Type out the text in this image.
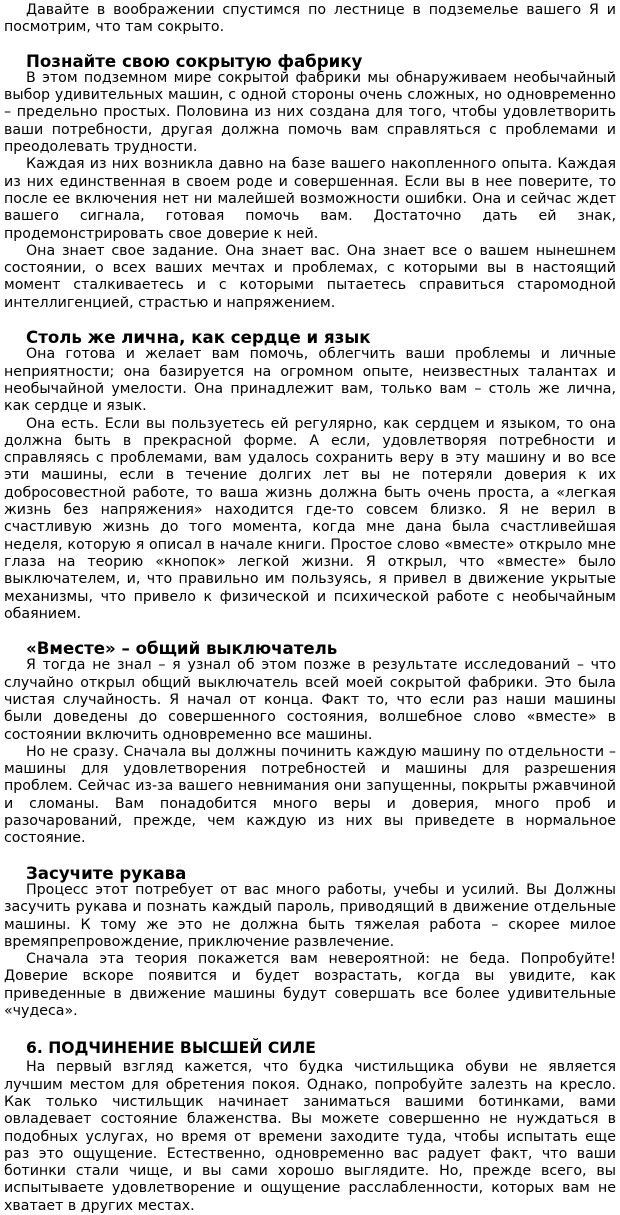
Давайте в воображении спустимся по лестнице в подземелье вашего Я и посмотрим, что там сокрыто.

Познайте свою сокрытую фабрику

В этом подземном мире сокрытой фабрики мы обнаруживаем необычайный выбор удивительных машин, с одной стороны очень сложных, но одновременно – предельно простых. Половина из них создана для того, чтобы удовлетворить ваши потребности, другая должна помочь вам справляться с проблемами и преодолевать трудности.

Каждая из них возникла давно на базе вашего накопленного опыта. Каждая из них единственная в своем роде и совершенная. Если вы в нее поверите, то после ее включения нет ни малейшей возможности ошибки. Она и сейчас ждет вашего сигнала, готовая помочь вам. Достаточно дать ей знак, продемонстрировать свое доверие к ней.

Она знает свое задание. Она знает вас. Она знает все о вашем нынешнем состоянии, о всех ваших мечтах и проблемах, с которыми вы в настоящий момент сталкиваетесь и с которыми пытаетесь справиться старомодной интеллигенцией, страстью и напряжением.

Столь же лична, как сердце и язык

Она готова и желает вам помочь, облегчить ваши проблемы и личные неприятности; она базируется на огромном опыте, неизвестных талантах и необычайной умелости. Она принадлежит вам, только вам – столь же лична, как сердце и язык.

Она есть. Если вы пользуетесь ей регулярно, как сердцем и языком, то она должна быть в прекрасной форме. А если, удовлетворяя потребности и справляясь с проблемами, вам удалось сохранить веру в эту машину и во все эти машины, если в течение долгих лет вы не потеряли доверия к их добросовестной работе, то ваша жизнь должна быть очень проста, а «легкая жизнь без напряжения» находится где-то совсем близко. Я не верил в счастливую жизнь до того момента, когда мне дана была счастливейшая неделя, которую я описал в начале книги. Простое слово «вместе» открыло мне глаза на теорию «кнопок» легкой жизни. Я открыл, что «вместе» было выключателем, и, что правильно им пользуясь, я привел в движение укрытые механизмы, что привело к физической и психической работе с необычайным обаянием.

«Вместе» – общий выключатель

Я тогда не знал – я узнал об этом позже в результате исследований – что случайно открыл общий выключатель всей моей сокрытой фабрики. Это была чистая случайность. Я начал от конца. Факт то, что если раз наши машины были доведены до совершенного состояния, волшебное слово «вместе» в состоянии включить одновременно все машины.

Но не сразу. Сначала вы должны починить каждую машину по отдельности – машины для удовлетворения потребностей и машины для разрешения проблем. Сейчас из-за вашего невнимания они запущенны, покрыты ржавчиной и сломаны. Вам понадобится много веры и доверия, много проб и разочарований, прежде, чем каждую из них вы приведете в нормальное состояние.

Засучите рукава

Процесс этот потребует от вас много работы, учебы и усилий. Вы Должны засучить рукава и познать каждый пароль, приводящий в движение отдельные машины. К тому же это не должна быть тяжелая работа – скорее милое времяпрепровождение, приключение развлечение.

Сначала эта теория покажется вам невероятной: не беда. Попробуйте! Доверие вскоре появится и будет возрастать, когда вы увидите, как приведенные в движение машины будут совершать все более удивительные «чудеса».

6. ПОДЧИНЕНИЕ ВЫСШЕЙ СИЛЕ

На первый взгляд кажется, что будка чистильщика обуви не является лучшим местом для обретения покоя. Однако, попробуйте залезть на кресло. Как только чистильщик начинает заниматься вашими ботинками, вами овладевает состояние блаженства. Вы можете совершенно не нуждаться в подобных услугах, но время от времени заходите туда, чтобы испытать еще раз это ощущение. Естественно, одновременно вас радует факт, что ваши ботинки стали чище, и вы сами хорошо выглядите. Но, прежде всего, вы испытываете удовлетворение и ощущение расслабленности, которых вам не хватает в других местах.
